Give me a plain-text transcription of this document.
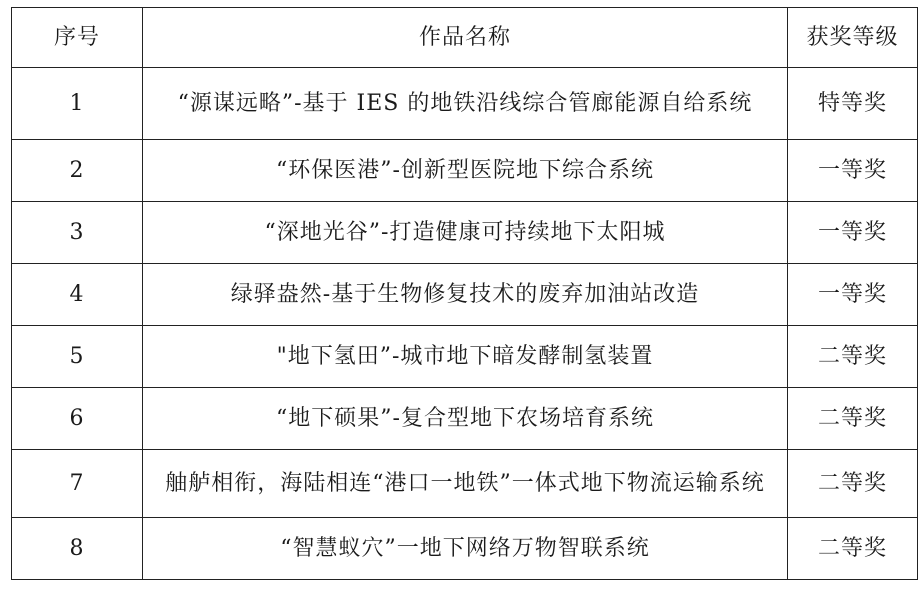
序号	作品名称	获奖等级
1	“源谋远略”-基于 IES 的地铁沿线综合管廊能源自给系统	特等奖
2	“环保医港”-创新型医院地下综合系统	一等奖
3	“深地光谷”-打造健康可持续地下太阳城	一等奖
4	绿驿盎然-基于生物修复技术的废弃加油站改造	一等奖
5	"地下氢田”-城市地下暗发酵制氢装置	二等奖
6	“地下硕果”-复合型地下农场培育系统	二等奖
7	舳舻相衔，海陆相连“港口一地铁”一体式地下物流运输系统	二等奖
8	“智慧蚁穴”一地下网络万物智联系统	二等奖
